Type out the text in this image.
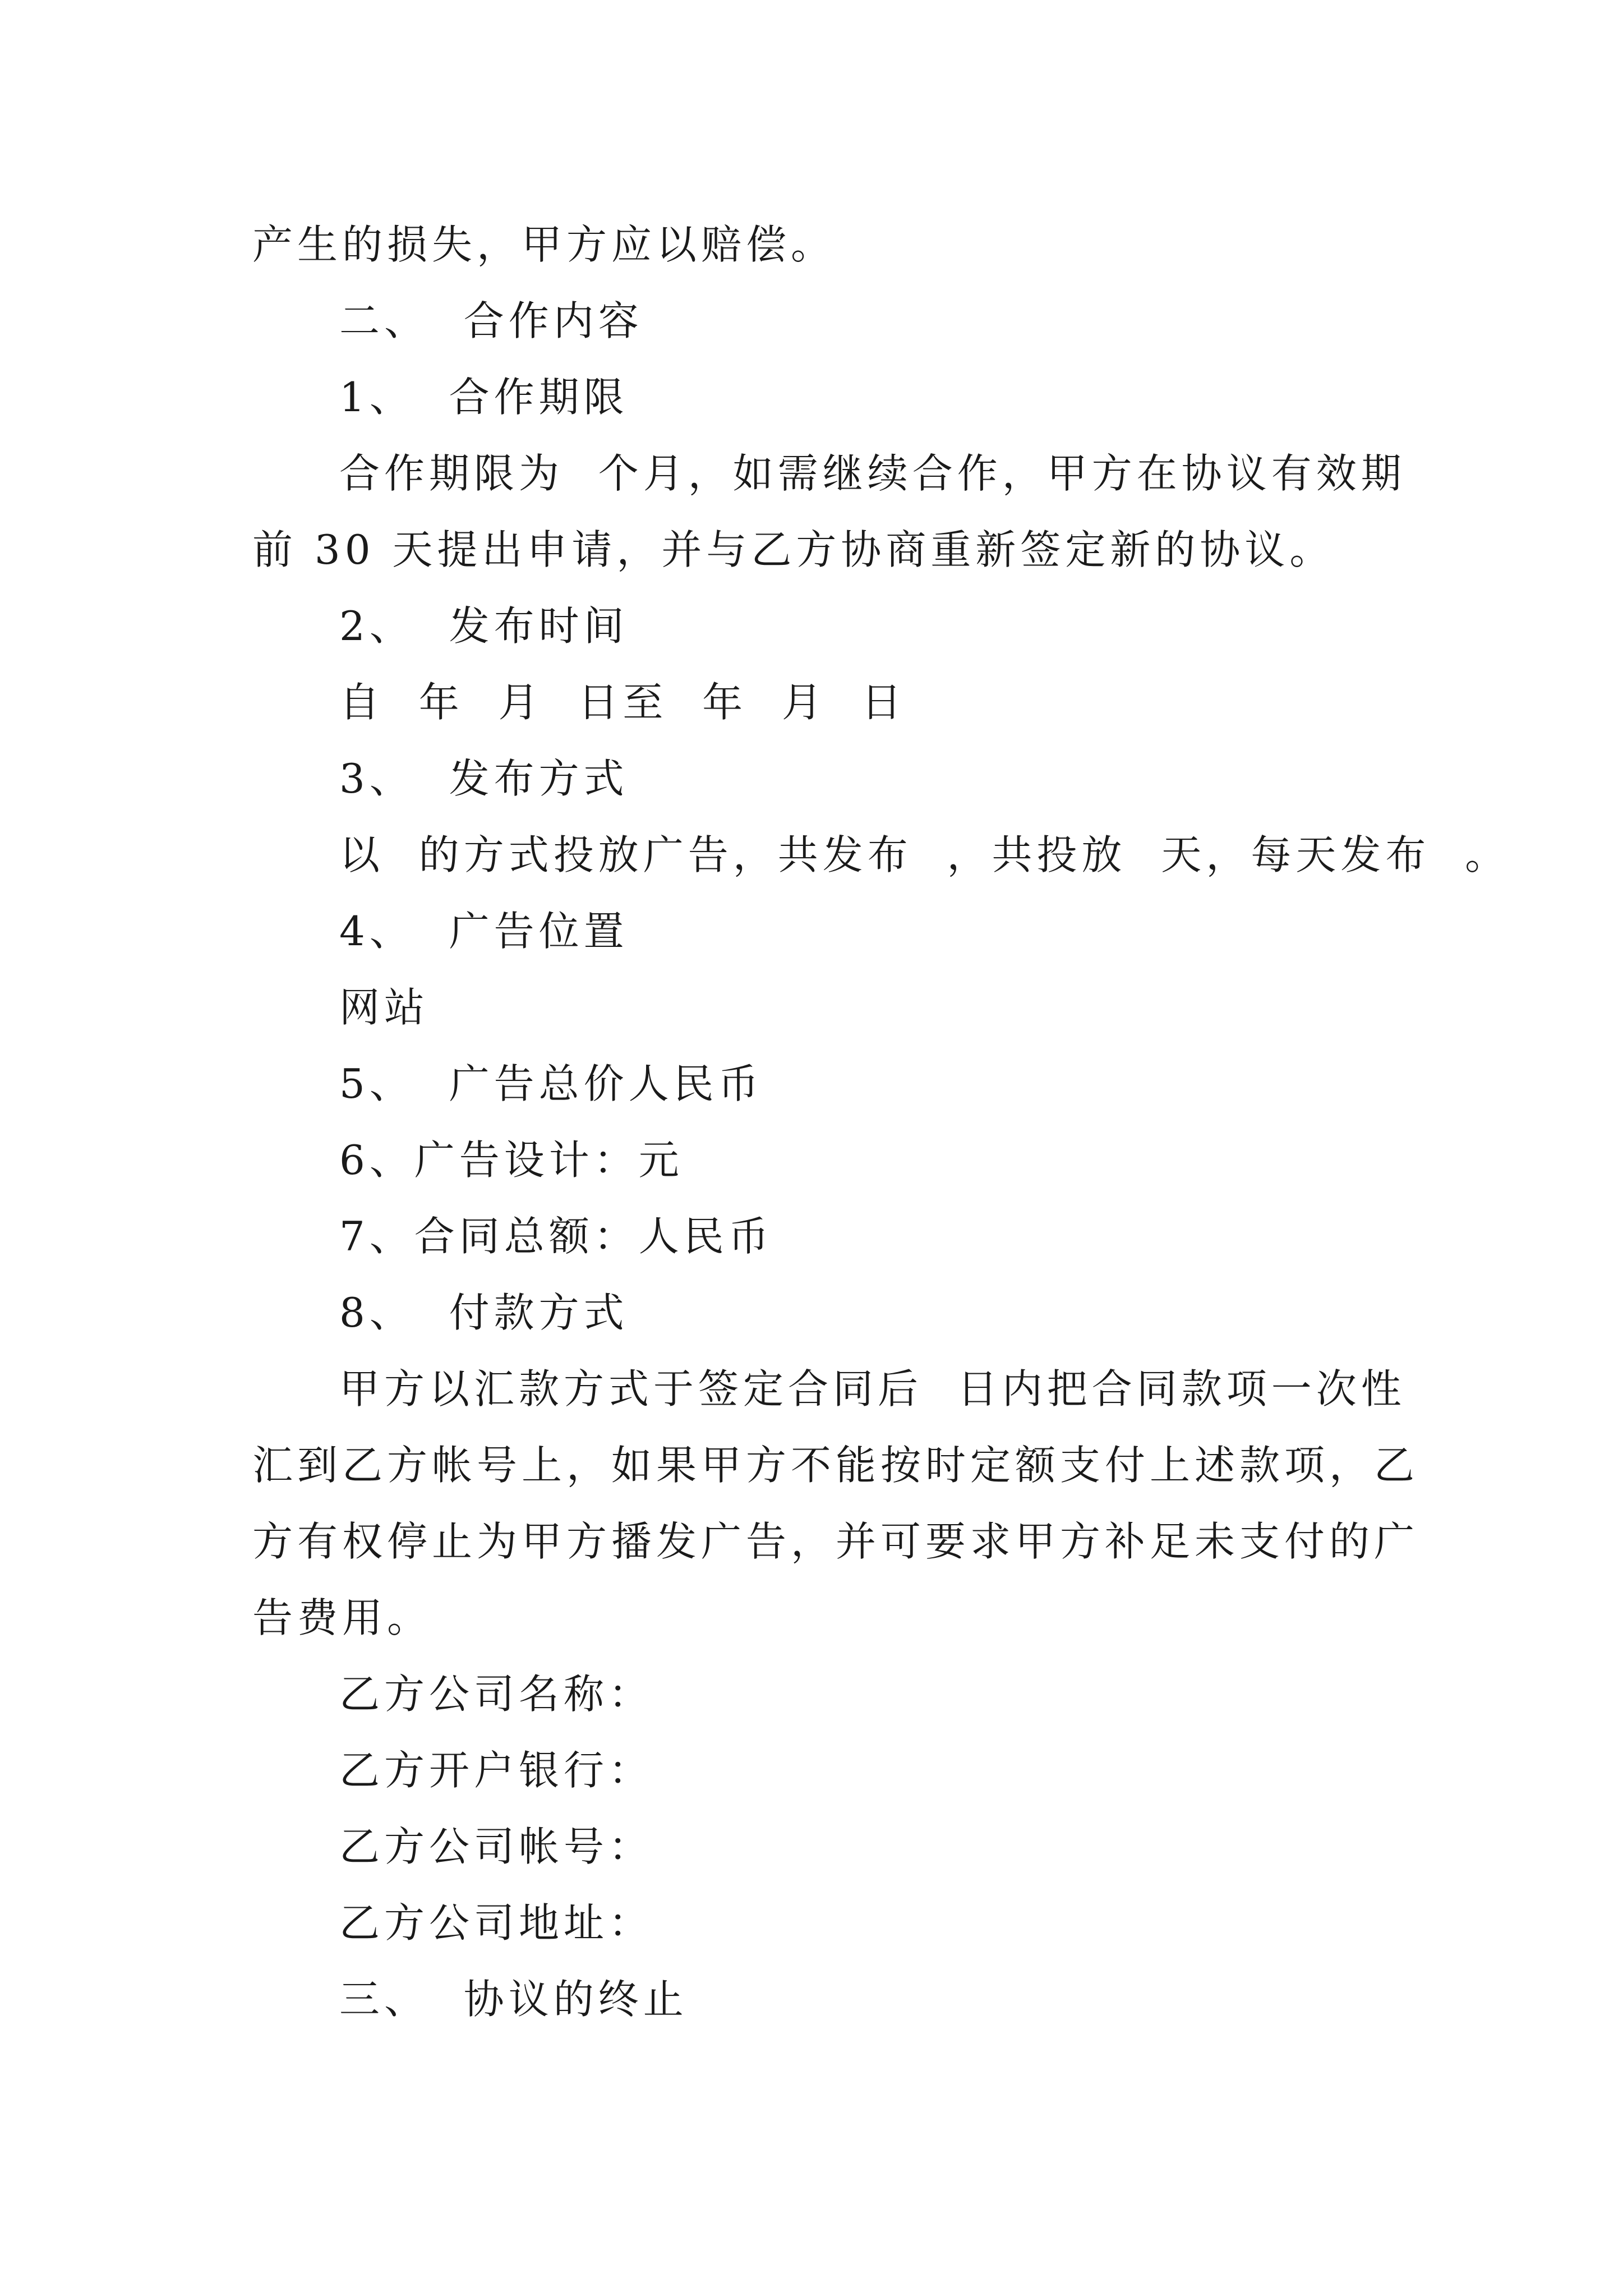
产生的损失，甲方应以赔偿。
二、  合作内容
1、  合作期限
合作期限为  个月，如需继续合作，甲方在协议有效期
前 30 天提出申请，并与乙方协商重新签定新的协议。
2、  发布时间
自  年  月  日至  年  月  日
3、  发布方式
以  的方式投放广告，共发布  ，共投放  天，每天发布  。
4、  广告位置
网站
5、  广告总价人民币
6、广告设计：元
7、合同总额：人民币
8、  付款方式
甲方以汇款方式于签定合同后  日内把合同款项一次性
汇到乙方帐号上，如果甲方不能按时定额支付上述款项，乙
方有权停止为甲方播发广告，并可要求甲方补足未支付的广
告费用。
乙方公司名称：
乙方开户银行：
乙方公司帐号：
乙方公司地址：
三、  协议的终止
